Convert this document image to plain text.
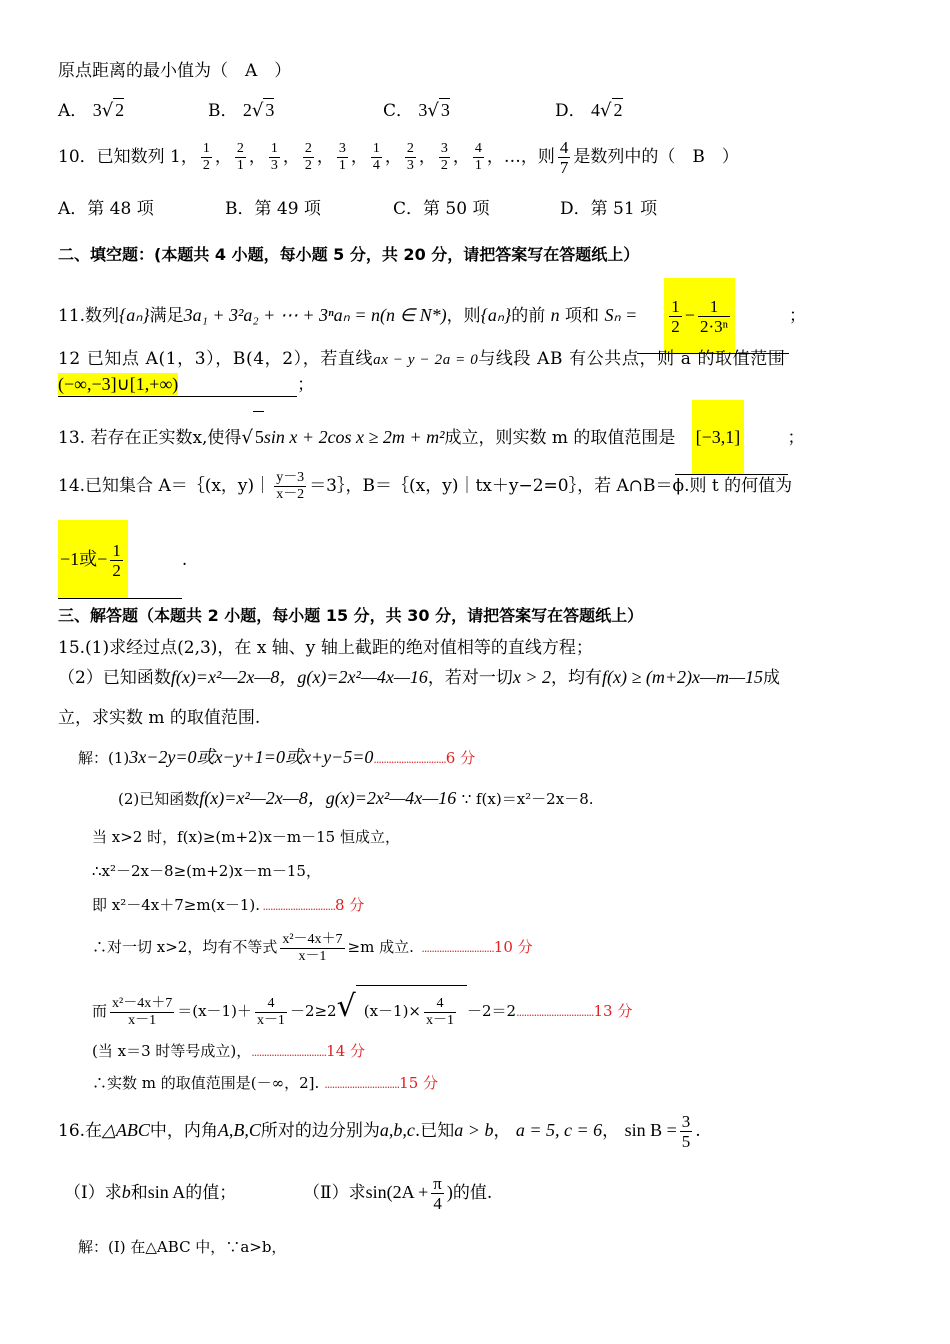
原点距离的最小值为（　A　）
A． 3√ 2	B． 2√ 3	C． 3√ 3	D． 4√ 2
10．已知数列 1， $\frac{1}{2}$ ， $\frac{2}{1}$ ， $\frac{1}{3}$ ， $\frac{2}{2}$ ， $\frac{3}{1}$ ， $\frac{1}{4}$ ， $\frac{2}{3}$ ， $\frac{3}{2}$ ， $\frac{4}{1}$ ，…，则 $\frac{4}{7}$ 是数列中的（　B　）
A．第 48 项	B．第 49 项	C．第 50 项	D．第 51 项
二、填空题：(本题共 4 小题，每小题 5 分，共 20 分，请把答案写在答题纸上）
11.数列{aₙ}满足3a₁ + 3²a₂ + ⋯ + 3ⁿaₙ = n(n ∈ N*)，则{aₙ}的前 n 项和 $S_n = \frac{1}{2} - \frac{1}{\text{2·3ⁿ}}$	；
12 已知点 A(1，3），B(4，2），若直线ax − y − 2a = 0与线段 AB 有公共点，则 a 的取值范围
(−∞,−3]∪[1,+∞)	；
13. 若存在正实数x,使得√ 5sin x + 2cos x ≥ 2m + m²成立，则实数 m 的取值范围是 [−3,1]	；
14.已知集合 A＝｛(x，y)｜ $\frac{y-3}{x-2}$ ＝3｝，B＝｛(x，y)｜tx＋y−2=0｝，若 A∩B＝ϕ.则 t 的何值为
−1或− $\frac{1}{2}$	.
三、解答题（本题共 2 小题，每小题 15 分，共 30 分，请把答案写在答题纸上）
15.(1)求经过点(2,3)，在 x 轴、y 轴上截距的绝对值相等的直线方程；
（2）已知函数f(x)=x²—2x—8，g(x)=2x²—4x—16，若对一切x > 2，均有f(x) ≥ (m+2)x—m—15成
立，求实数 m 的取值范围.
解：(1)3x−2y=0或x−y+1=0或x+y−5=0.............................6 分
(2)已知函数f(x)=x²—2x—8，g(x)=2x²—4x—16 ∵ f(x)＝x²－2x－8.
当 x>2 时，f(x)≥(m+2)x－m－15 恒成立，
∴x²－2x－8≥(m+2)x－m－15，
即 x²－4x＋7≥m(x－1). .............................8 分
∴对一切 x>2，均有不等式 $\frac{\text{x²－4x＋7}}{x-1} \ge m$ 成立.   .............................10 分
而 $\frac{\text{x²－4x＋7}}{x-1} =(x-1)+ \frac{4}{x-1} -2\ge 2√$ $(x-1)\times \frac{4}{x-1} -2=2...............................13$ 分
(当 x＝3 时等号成立)，..............................14 分
∴实数 m 的取值范围是(－∞，2].  ..............................15 分
16.在△ABC中，内角A,B,C所对的边分别为a,b,c.已知a > b， a = 5, c = 6， $\sin B = \frac{3}{5}$ .
（Ⅰ）求b和sin A的值；	（Ⅱ）求$\sin(2A + \frac{\pi}{4}$ )的值.
解：(Ⅰ) 在△ABC 中，∵a>b，
